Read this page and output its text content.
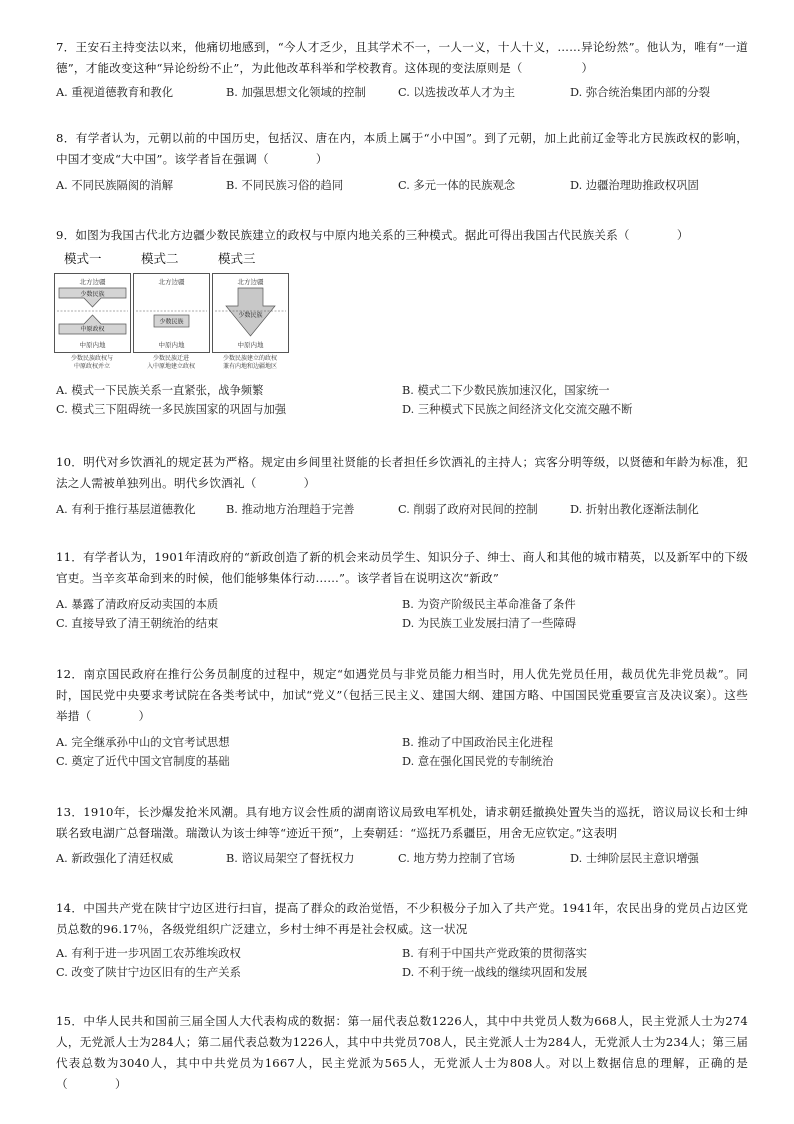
7．王安石主持变法以来，他痛切地感到，“今人才乏少，且其学术不一，一人一义，十人十义，……异论纷然”。他认为，唯有“一道德”，才能改变这种“异论纷纷不止”，为此他改革科举和学校教育。这体现的变法原则是（　　　　　）

A. 重视道德教育和教化	B. 加强思想文化领域的控制	C. 以选拔改革人才为主	D. 弥合统治集团内部的分裂

8．有学者认为，元朝以前的中国历史，包括汉、唐在内，本质上属于“小中国”。到了元朝，加上此前辽金等北方民族政权的影响，中国才变成“大中国”。该学者旨在强调（　　　　）

A. 不同民族隔阂的消解	B. 不同民族习俗的趋同	C. 多元一体的民族观念	D. 边疆治理助推政权巩固

9．如图为我国古代北方边疆少数民族建立的政权与中原内地关系的三种模式。据此可得出我国古代民族关系（　　　　）

模式一	模式二	模式三
北方边疆
少数民族
中原政权
中原内地
北方边疆
少数民族
中原内地
北方边疆
少数民族
中原内地
少数民族政权与
中原政权并立
少数民族迁进
入中原地建立政权
少数民族建立的政权
兼有内地和边疆地区
A. 模式一下民族关系一直紧张，战争频繁	B. 模式二下少数民族加速汉化，国家统一
C. 模式三下阻碍统一多民族国家的巩固与加强	D. 三种模式下民族之间经济文化交流交融不断

10．明代对乡饮酒礼的规定甚为严格。规定由乡闾里社贤能的长者担任乡饮酒礼的主持人；宾客分明等级，以贤德和年龄为标准，犯法之人需被单独列出。明代乡饮酒礼（　　　　）

A. 有利于推行基层道德教化	B. 推动地方治理趋于完善	C. 削弱了政府对民间的控制	D. 折射出教化逐渐法制化

11．有学者认为，1901年清政府的“新政创造了新的机会来动员学生、知识分子、绅士、商人和其他的城市精英，以及新军中的下级官吏。当辛亥革命到来的时候，他们能够集体行动……”。该学者旨在说明这次“新政”

A. 暴露了清政府反动卖国的本质	B. 为资产阶级民主革命准备了条件
C. 直接导致了清王朝统治的结束	D. 为民族工业发展扫清了一些障碍

12．南京国民政府在推行公务员制度的过程中，规定“如遇党员与非党员能力相当时，用人优先党员任用，裁员优先非党员裁”。同时，国民党中央要求考试院在各类考试中，加试“党义”（包括三民主义、建国大纲、建国方略、中国国民党重要宣言及决议案）。这些举措（　　　　）

A. 完全继承孙中山的文官考试思想	B. 推动了中国政治民主化进程
C. 奠定了近代中国文官制度的基础	D. 意在强化国民党的专制统治

13．1910年，长沙爆发抢米风潮。具有地方议会性质的湖南谘议局致电军机处，请求朝廷撤换处置失当的巡抚，谘议局议长和士绅联名致电湖广总督瑞澂。瑞澂认为该士绅等“迹近干预”，上奏朝廷：“巡抚乃系疆臣，用舍无应钦定。”这表明

A. 新政强化了清廷权威	B. 谘议局架空了督抚权力	C. 地方势力控制了官场	D. 士绅阶层民主意识增强

14．中国共产党在陕甘宁边区进行扫盲，提高了群众的政治觉悟，不少积极分子加入了共产党。1941年，农民出身的党员占边区党员总数的96.17％，各级党组织广泛建立，乡村士绅不再是社会权威。这一状况

A. 有利于进一步巩固工农苏维埃政权	B. 有利于中国共产党政策的贯彻落实
C. 改变了陕甘宁边区旧有的生产关系	D. 不利于统一战线的继续巩固和发展

15．中华人民共和国前三届全国人大代表构成的数据：第一届代表总数1226人，其中中共党员人数为668人，民主党派人士为274人，无党派人士为284人；第二届代表总数为1226人，其中中共党员708人，民主党派人士为284人，无党派人士为234人；第三届代表总数为3040人，其中中共党员为1667人，民主党派为565人，无党派人士为808人。对以上数据信息的理解，正确的是（　　　　）
